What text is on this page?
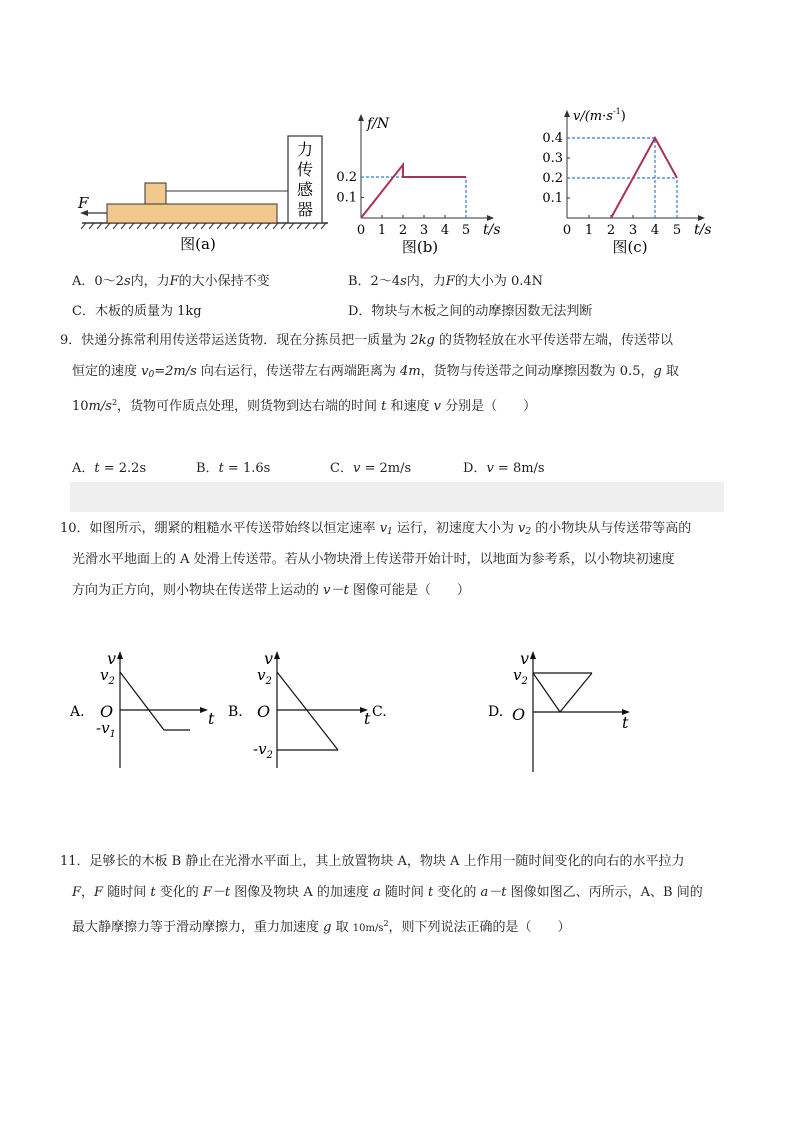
力
传
感
器
F
图(a)
f/N
t/s
0
图(b)
1 2 3 4 5
0.1
0.2
$v/(m\cdot s^{-1})$
t/s
0
图(c)
1 2 3 4 5
0.1
0.2
0.3
0.4
A．0～2s内，力F的大小保持不变	B．2～4s内，力F的大小为 0.4N
C．木板的质量为 1kg	D．物块与木板之间的动摩擦因数无法判断
9．快递分拣常利用传送带运送货物．现在分拣员把一质量为 2kg 的货物轻放在水平传送带左端，传送带以
恒定的速度 $v_0=2m/s$ 向右运行，传送带左右两端距离为 4m，货物与传送带之间动摩擦因数为 0.5，g 取
$10m/s^2$，货物可作质点处理，则货物到达右端的时间 t 和速度 v 分别是（　　）
A．t = 2.2s	B．t = 1.6s	C．v = 2m/s	D．v = 8m/s
10．如图所示，绷紧的粗糙水平传送带始终以恒定速率 $v_1$ 运行，初速度大小为 $v_2$ 的小物块从与传送带等高的
光滑水平地面上的 A 处滑上传送带。若从小物块滑上传送带开始计时，以地面为参考系，以小物块初速度
方向为正方向，则小物块在传送带上运动的 v－t 图像可能是（　　）
A.
v
t
O
$v_2$
$-v_1$
B.
v
t C.
O
$v_2$
$-v_2$
D.
v
t
O
$v_2$
11．足够长的木板 B 静止在光滑水平面上，其上放置物块 A，物块 A 上作用一随时间变化的向右的水平拉力
F，F 随时间 t 变化的 F－t 图像及物块 A 的加速度 a 随时间 t 变化的 a－t 图像如图乙、丙所示，A、B 间的
最大静摩擦力等于滑动摩擦力，重力加速度 g 取 $10m/s^2$，则下列说法正确的是（　　）
